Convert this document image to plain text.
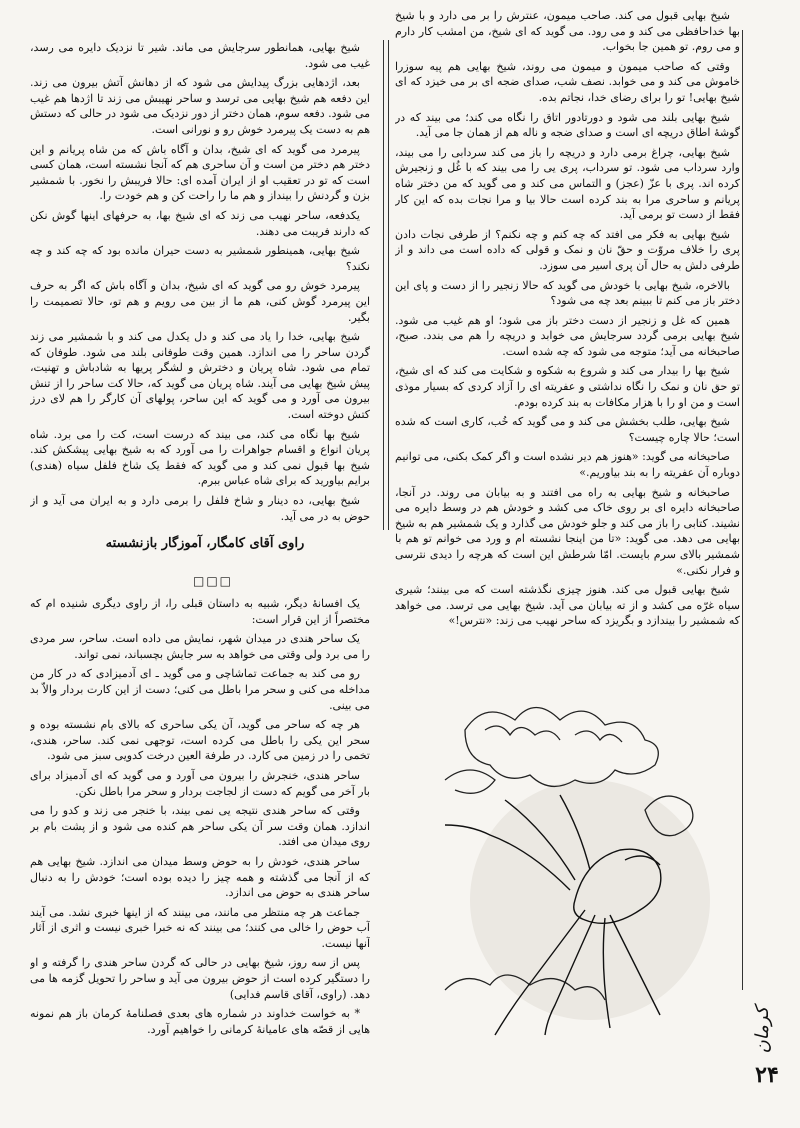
شیخ بهایی قبول می کند. صاحب میمون، عنترش را بر می دارد و با شیخ بها خداحافظی می کند و می رود. می گوید که ای شیخ، من امشب کار دارم و می روم. تو همین جا بخواب.

وقتی که صاحب میمون و میمون می روند، شیخ بهایی هم پیه سوزرا خاموش می کند و می خوابد. نصف شب، صدای ضجه ای بر می خیزد که ای شیخ بهایی! تو را برای رضای خدا، نجاتم بده.

شیخ بهایی بلند می شود و دورتادور اتاق را نگاه می کند؛ می بیند که در گوشهٔ اطاق دریچه ای است و صدای ضجه و ناله هم از همان جا می آید.

شیخ بهایی، چراغ برمی دارد و دریچه را باز می کند سردابی را می بیند، وارد سرداب می شود. تو سرداب، پری یی را می بیند که با غُل و زنجیرش کرده اند. پری با عزّ (عجز) و التماس می کند و می گوید که من دختر شاه پریانم و ساحری مرا به بند کرده است حالا بیا و مرا نجات بده که این کار فقط از دست تو برمی آید.

شیخ بهایی به فکر می افتد که چه کنم و چه نکنم؟ از طرفی نجات دادن پری را خلاف مروّت و حقّ نان و نمک و قولی که داده است می داند و از طرفی دلش به حال آن پری اسیر می سوزد.

بالاخره، شیخ بهایی با خودش می گوید که حالا زنجیر را از دست و پای این دختر باز می کنم تا ببینم بعد چه می شود؟

همین که غل و زنجیر از دست دختر باز می شود؛ او هم غیب می شود. شیخ بهایی برمی گردد سرجایش می خوابد و دریچه را هم می بندد. صبح، صاحبخانه می آید؛ متوجه می شود که چه شده است.

شیخ بها را بیدار می کند و شروع به شکوه و شکایت می کند که ای شیخ، تو حق نان و نمک را نگاه نداشتی و عفریته ای را آزاد کردی که بسیار موذی است و من او را با هزار مکافات به بند کرده بودم.

شیخ بهایی، طلب بخشش می کند و می گوید که خُب، کاری است که شده است؛ حالا چاره چیست؟

صاحبخانه می گوید: «هنوز هم دیر نشده است و اگر کمک بکنی، می توانیم دوباره آن عفریته را به بند بیاوریم.»

صاحبخانه و شیخ بهایی به راه می افتند و به بیابان می روند. در آنجا، صاحبخانه دایره ای بر روی خاک می کشد و خودش هم در وسط دایره می نشیند. کتابی را باز می کند و جلو خودش می گذارد و یک شمشیر هم به شیخ بهایی می دهد. می گوید: «تا من اینجا نشسته ام و ورد می خوانم تو هم با شمشیر بالای سرم بایست. امّا شرطش این است که هرچه را دیدی نترسی و فرار نکنی.»

شیخ بهایی قبول می کند. هنوز چیزی نگذشته است که می بینند؛ شیری سیاه غرّه می کشد و از ته بیابان می آید. شیخ بهایی می ترسد. می خواهد که شمشیر را بیندازد و بگریزد که ساحر نهیب می زند: «نترس!»

شیخ بهایی، همانطور سرجایش می ماند. شیر تا نزدیک دایره می رسد، غیب می شود.

بعد، اژدهایی بزرگ پیدایش می شود که از دهانش آتش بیرون می زند. این دفعه هم شیخ بهایی می ترسد و ساحر نهیبش می زند تا اژدها هم غیب می شود. دفعه سوم، همان دختر از دور نزدیک می شود در حالی که دستش هم به دست یک پیرمرد خوش رو و نورانی است.

پیرمرد می گوید که ای شیخ، بدان و آگاه باش که من شاه پریانم و این دختر هم دختر من است و آن ساحری هم که آنجا نشسته است، همان کسی است که تو در تعقیب او از ایران آمده ای: حالا فریبش را نخور. با شمشیر بزن و گردنش را بینداز و هم ما را راحت کن و هم خودت را.

یکدفعه، ساحر نهیب می زند که ای شیخ بها، به حرفهای اینها گوش نکن که دارند فریبت می دهند.

شیخ بهایی، همینطور شمشیر به دست حیران مانده بود که چه کند و چه نکند؟

پیرمرد خوش رو می گوید که ای شیخ، بدان و آگاه باش که اگر به حرف این پیرمرد گوش کنی، هم ما از بین می رویم و هم تو، حالا تصمیمت را بگیر.

شیخ بهایی، خدا را یاد می کند و دل یکدل می کند و با شمشیر می زند گردن ساحر را می اندازد. همین وقت طوفانی بلند می شود. طوفان که تمام می شود. شاه پریان و دخترش و لشگر پریها به شادباش و تهنیت، پیش شیخ بهایی می آیند. شاه پریان می گوید که، حالا کت ساحر را از تنش بیرون می آورد و می گوید که این ساحر، پولهای آن کارگر را هم لای درز کتش دوخته است.

شیخ بها نگاه می کند، می بیند که درست است، کت را می برد. شاه پریان انواع و اقسام جواهرات را می آورد که به شیخ بهایی پیشکش کند. شیخ بها قبول نمی کند و می گوید که فقط یک شاخ فلفل سیاه (هندی) برایم بیاورید که برای شاه عباس ببرم.

شیخ بهایی، ده دینار و شاخ فلفل را برمی دارد و به ایران می آید و از حوض به در می آید.

راوی آقای کامگار، آموزگار بازنشسته
□□□

یک افسانهٔ دیگر، شبیه به داستان قبلی را، از راوی دیگری شنیده ام که مختصراً از این قرار است:

یک ساحر هندی در میدان شهر، نمایش می داده است. ساحر، سر مردی را می برد ولی وقتی می خواهد به سر جایش بچسباند، نمی تواند.

رو می کند به جماعت تماشاچی و می گوید ـ ای آدمیزادی که در کار من مداخله می کنی و سحر مرا باطل می کنی؛ دست از این کارت بردار والاّ بد می بینی.

هر چه که ساحر می گوید، آن یکی ساحری که بالای بام نشسته بوده و سحر این یکی را باطل می کرده است، توجهی نمی کند. ساحر، هندی، تخمی را در زمین می کارد. در طرفة العین درخت کدویی سبز می شود.

ساحر هندی، خنجرش را بیرون می آورد و می گوید که ای آدمیزاد برای بار آخر می گویم که دست از لجاجت بردار و سحر مرا باطل نکن.

وقتی که ساحر هندی نتیجه یی نمی بیند، با خنجر می زند و کدو را می اندازد. همان وقت سر آن یکی ساحر هم کنده می شود و از پشت بام بر روی میدان می افتد.

ساحر هندی، خودش را به حوض وسط میدان می اندازد. شیخ بهایی هم که از آنجا می گذشته و همه چیز را دیده بوده است؛ خودش را به دنبال ساحر هندی به حوض می اندازد.

جماعت هر چه منتظر می مانند، می بینند که از اینها خبری نشد. می آیند آب حوض را خالی می کنند؛ می بینند که نه خبرا خبری نیست و اثری از آثار آنها نیست.

پس از سه روز، شیخ بهایی در حالی که گردن ساحر هندی را گرفته و او را دستگیر کرده است از حوض بیرون می آید و ساحر را تحویل گزمه ها می دهد. (راوی، آقای قاسم فدایی)

* به خواست خداوند در شماره های بعدی فصلنامهٔ کرمان باز هم نمونه هایی از قصّه های عامیانهٔ کرمانی را خواهیم آورد.	کرمان
۲۴
